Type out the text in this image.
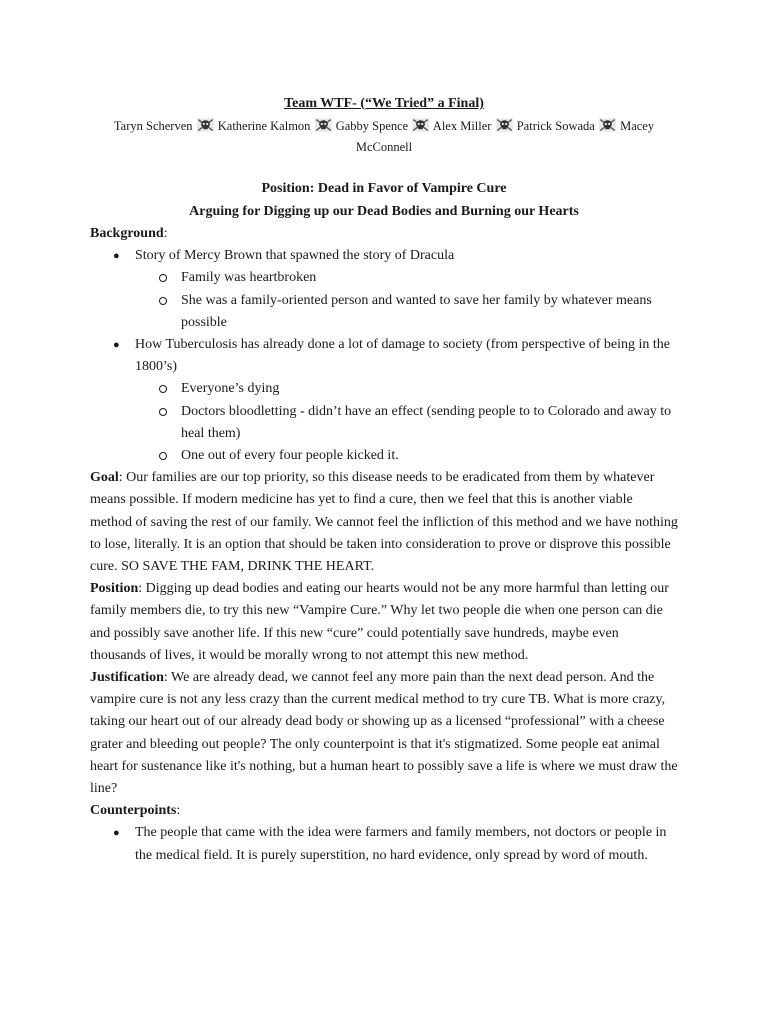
Team WTF- (“We Tried” a Final)

Taryn Scherven Katherine Kalmon Gabby Spence Alex Miller Patrick Sowada Macey McConnell

Position: Dead in Favor of Vampire Cure
Arguing for Digging up our Dead Bodies and Burning our Hearts

Background:

● Story of Mercy Brown that spawned the story of Dracula
Family was heartbroken
She was a family-oriented person and wanted to save her family by whatever means possible
● How Tuberculosis has already done a lot of damage to society (from perspective of being in the 1800’s)
Everyone’s dying
Doctors bloodletting - didn’t have an effect (sending people to to Colorado and away to heal them)
One out of every four people kicked it.

Goal: Our families are our top priority, so this disease needs to be eradicated from them by whatever means possible. If modern medicine has yet to find a cure, then we feel that this is another viable method of saving the rest of our family. We cannot feel the infliction of this method and we have nothing to lose, literally. It is an option that should be taken into consideration to prove or disprove this possible cure. SO SAVE THE FAM, DRINK THE HEART.

Position: Digging up dead bodies and eating our hearts would not be any more harmful than letting our family members die, to try this new “Vampire Cure.” Why let two people die when one person can die and possibly save another life. If this new “cure” could potentially save hundreds, maybe even thousands of lives, it would be morally wrong to not attempt this new method.

Justification: We are already dead, we cannot feel any more pain than the next dead person. And the vampire cure is not any less crazy than the current medical method to try cure TB. What is more crazy, taking our heart out of our already dead body or showing up as a licensed “professional” with a cheese grater and bleeding out people? The only counterpoint is that it's stigmatized. Some people eat animal heart for sustenance like it's nothing, but a human heart to possibly save a life is where we must draw the line?

Counterpoints:

● The people that came with the idea were farmers and family members, not doctors or people in the medical field. It is purely superstition, no hard evidence, only spread by word of mouth.
